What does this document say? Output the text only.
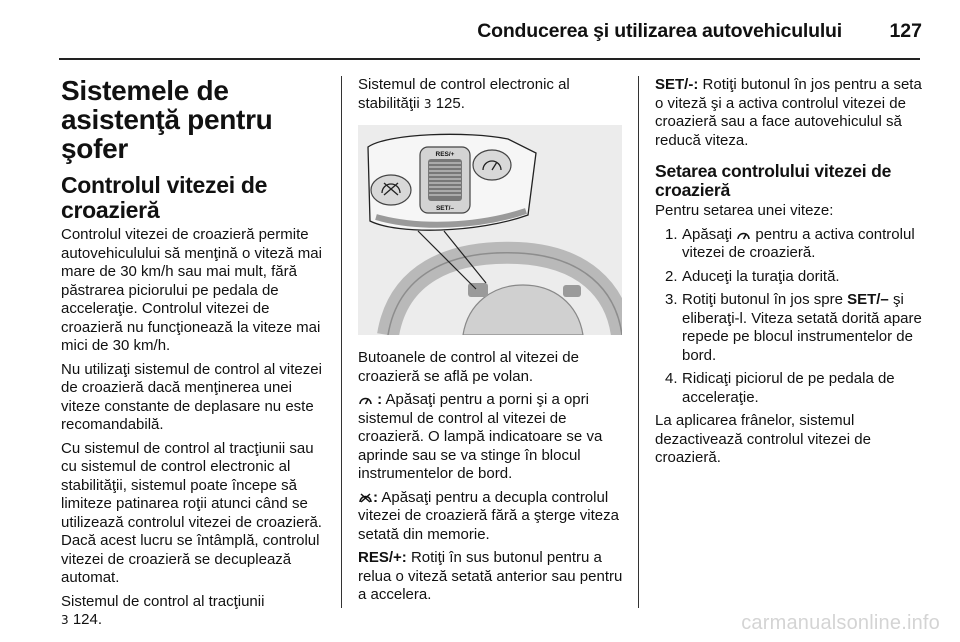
Conducerea şi utilizarea autovehiculului 127
Sistemele de asistenţă pentru şofer
Controlul vitezei de croazieră

Controlul vitezei de croazieră permite autovehiculului să menţină o viteză mai mare de 30 km/h sau mai mult, fără păstrarea piciorului pe pedala de acceleraţie. Controlul vitezei de croazieră nu funcţionează la viteze mai mici de 30 km/h.

Nu utilizaţi sistemul de control al vitezei de croazieră dacă menţinerea unei viteze constante de deplasare nu este recomandabilă.

Cu sistemul de control al tracţiunii sau cu sistemul de control electronic al stabilităţii, sistemul poate începe să limiteze patinarea roţii atunci când se utilizează controlul vitezei de croazieră. Dacă acest lucru se întâmplă, controlul vitezei de croazieră se decuplează automat.

Sistemul de control al tracţiunii
3 124.

Sistemul de control electronic al stabilităţii 3 125.

RES/+
SET/–

Butoanele de control al vitezei de croazieră se află pe volan.

: Apăsaţi pentru a porni şi a opri sistemul de control al vitezei de croazieră. O lampă indicatoare se va aprinde sau se va stinge în blocul instrumentelor de bord.

: Apăsaţi pentru a decupla controlul vitezei de croazieră fără a şterge viteza setată din memorie.

RES/+: Rotiţi în sus butonul pentru a relua o viteză setată anterior sau pentru a accelera.

SET/-: Rotiţi butonul în jos pentru a seta o viteză şi a activa controlul vitezei de croazieră sau a face autovehiculul să reducă viteza.

Setarea controlului vitezei de croazieră

Pentru setarea unei viteze:

1. Apăsaţi pentru a activa controlul vitezei de croazieră.
2. Aduceţi la turaţia dorită.
3. Rotiţi butonul în jos spre SET/– şi eliberaţi-l. Viteza setată dorită apare repede pe blocul instrumentelor de bord.
4. Ridicaţi piciorul de pe pedala de acceleraţie.

La aplicarea frânelor, sistemul dezactivează controlul vitezei de croazieră.

carmanualsonline.info
